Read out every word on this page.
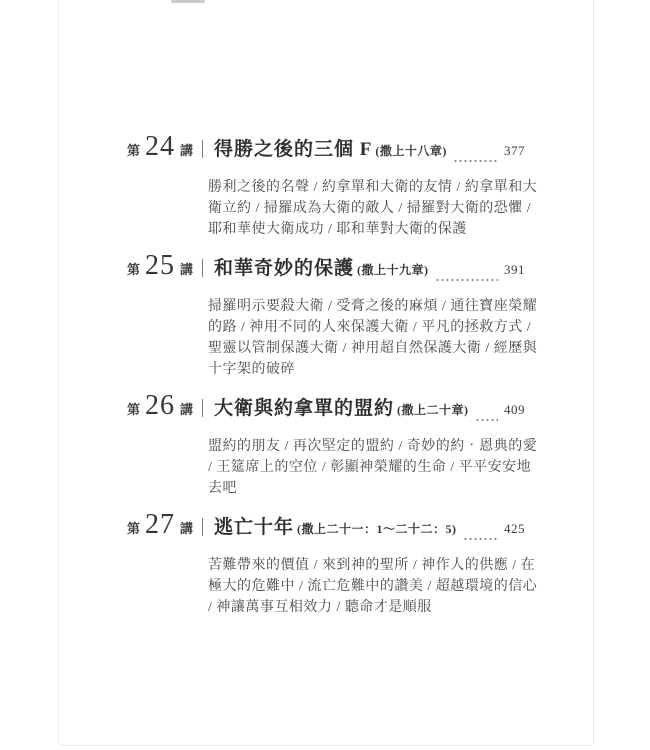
第 24 講 得勝之後的三個 F (撒上十八章)	377
勝利之後的名聲 / 約拿單和大衛的友情 / 約拿單和大
衛立約 / 掃羅成為大衛的敵人 / 掃羅對大衛的恐懼 /
耶和華使大衛成功 / 耶和華對大衛的保護
第 25 講 和華奇妙的保護 (撒上十九章)	391
掃羅明示要殺大衛 / 受膏之後的麻煩 / 通往寶座榮耀
的路 / 神用不同的人來保護大衛 / 平凡的拯救方式 /
聖靈以管制保護大衛 / 神用超自然保護大衛 / 經歷與
十字架的破碎
第 26 講 大衛與約拿單的盟約 (撒上二十章)	409
盟約的朋友 / 再次堅定的盟約 / 奇妙的約‧恩典的愛
/ 王筵席上的空位 / 彰顯神榮耀的生命 / 平平安安地
去吧
第 27 講 逃亡十年 (撒上二十一：1～二十二：5)	425
苦難帶來的價值 / 來到神的聖所 / 神作人的供應 / 在
極大的危難中 / 流亡危難中的讚美 / 超越環境的信心
/ 神讓萬事互相效力 / 聽命才是順服
